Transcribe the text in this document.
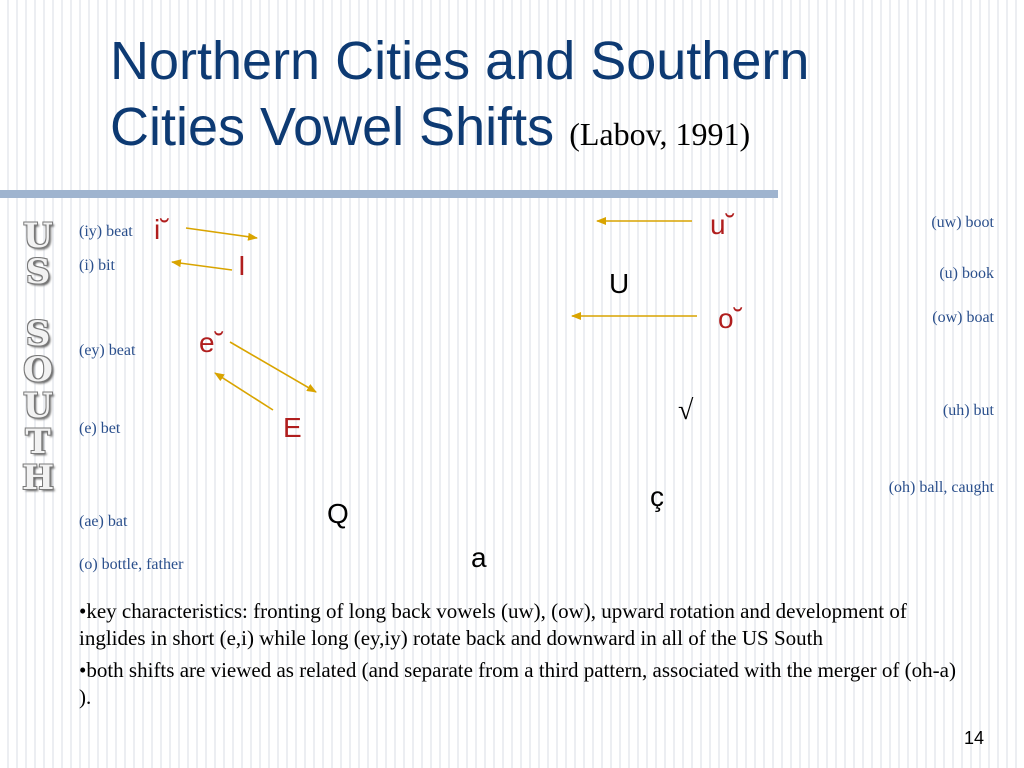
Northern Cities and Southern
Cities Vowel Shifts (Labov, 1991)
U
S
S
O
U
T
H
(iy) beat
(i) bit
(ey) beat
(e) bet
(ae) bat
(o) bottle, father
(uw) boot
(u) book
(ow) boat
(uh) but
(oh) ball, caught
i˘
I
e˘
E
Q
a
u˘
U
o˘
√
ç

•key characteristics: fronting of long back vowels (uw), (ow), upward rotation and development of inglides in short (e,i) while long (ey,iy) rotate back and downward in all of the US South

•both shifts are viewed as related (and separate from a third pattern, associated with the merger of (oh-a) ).

14
